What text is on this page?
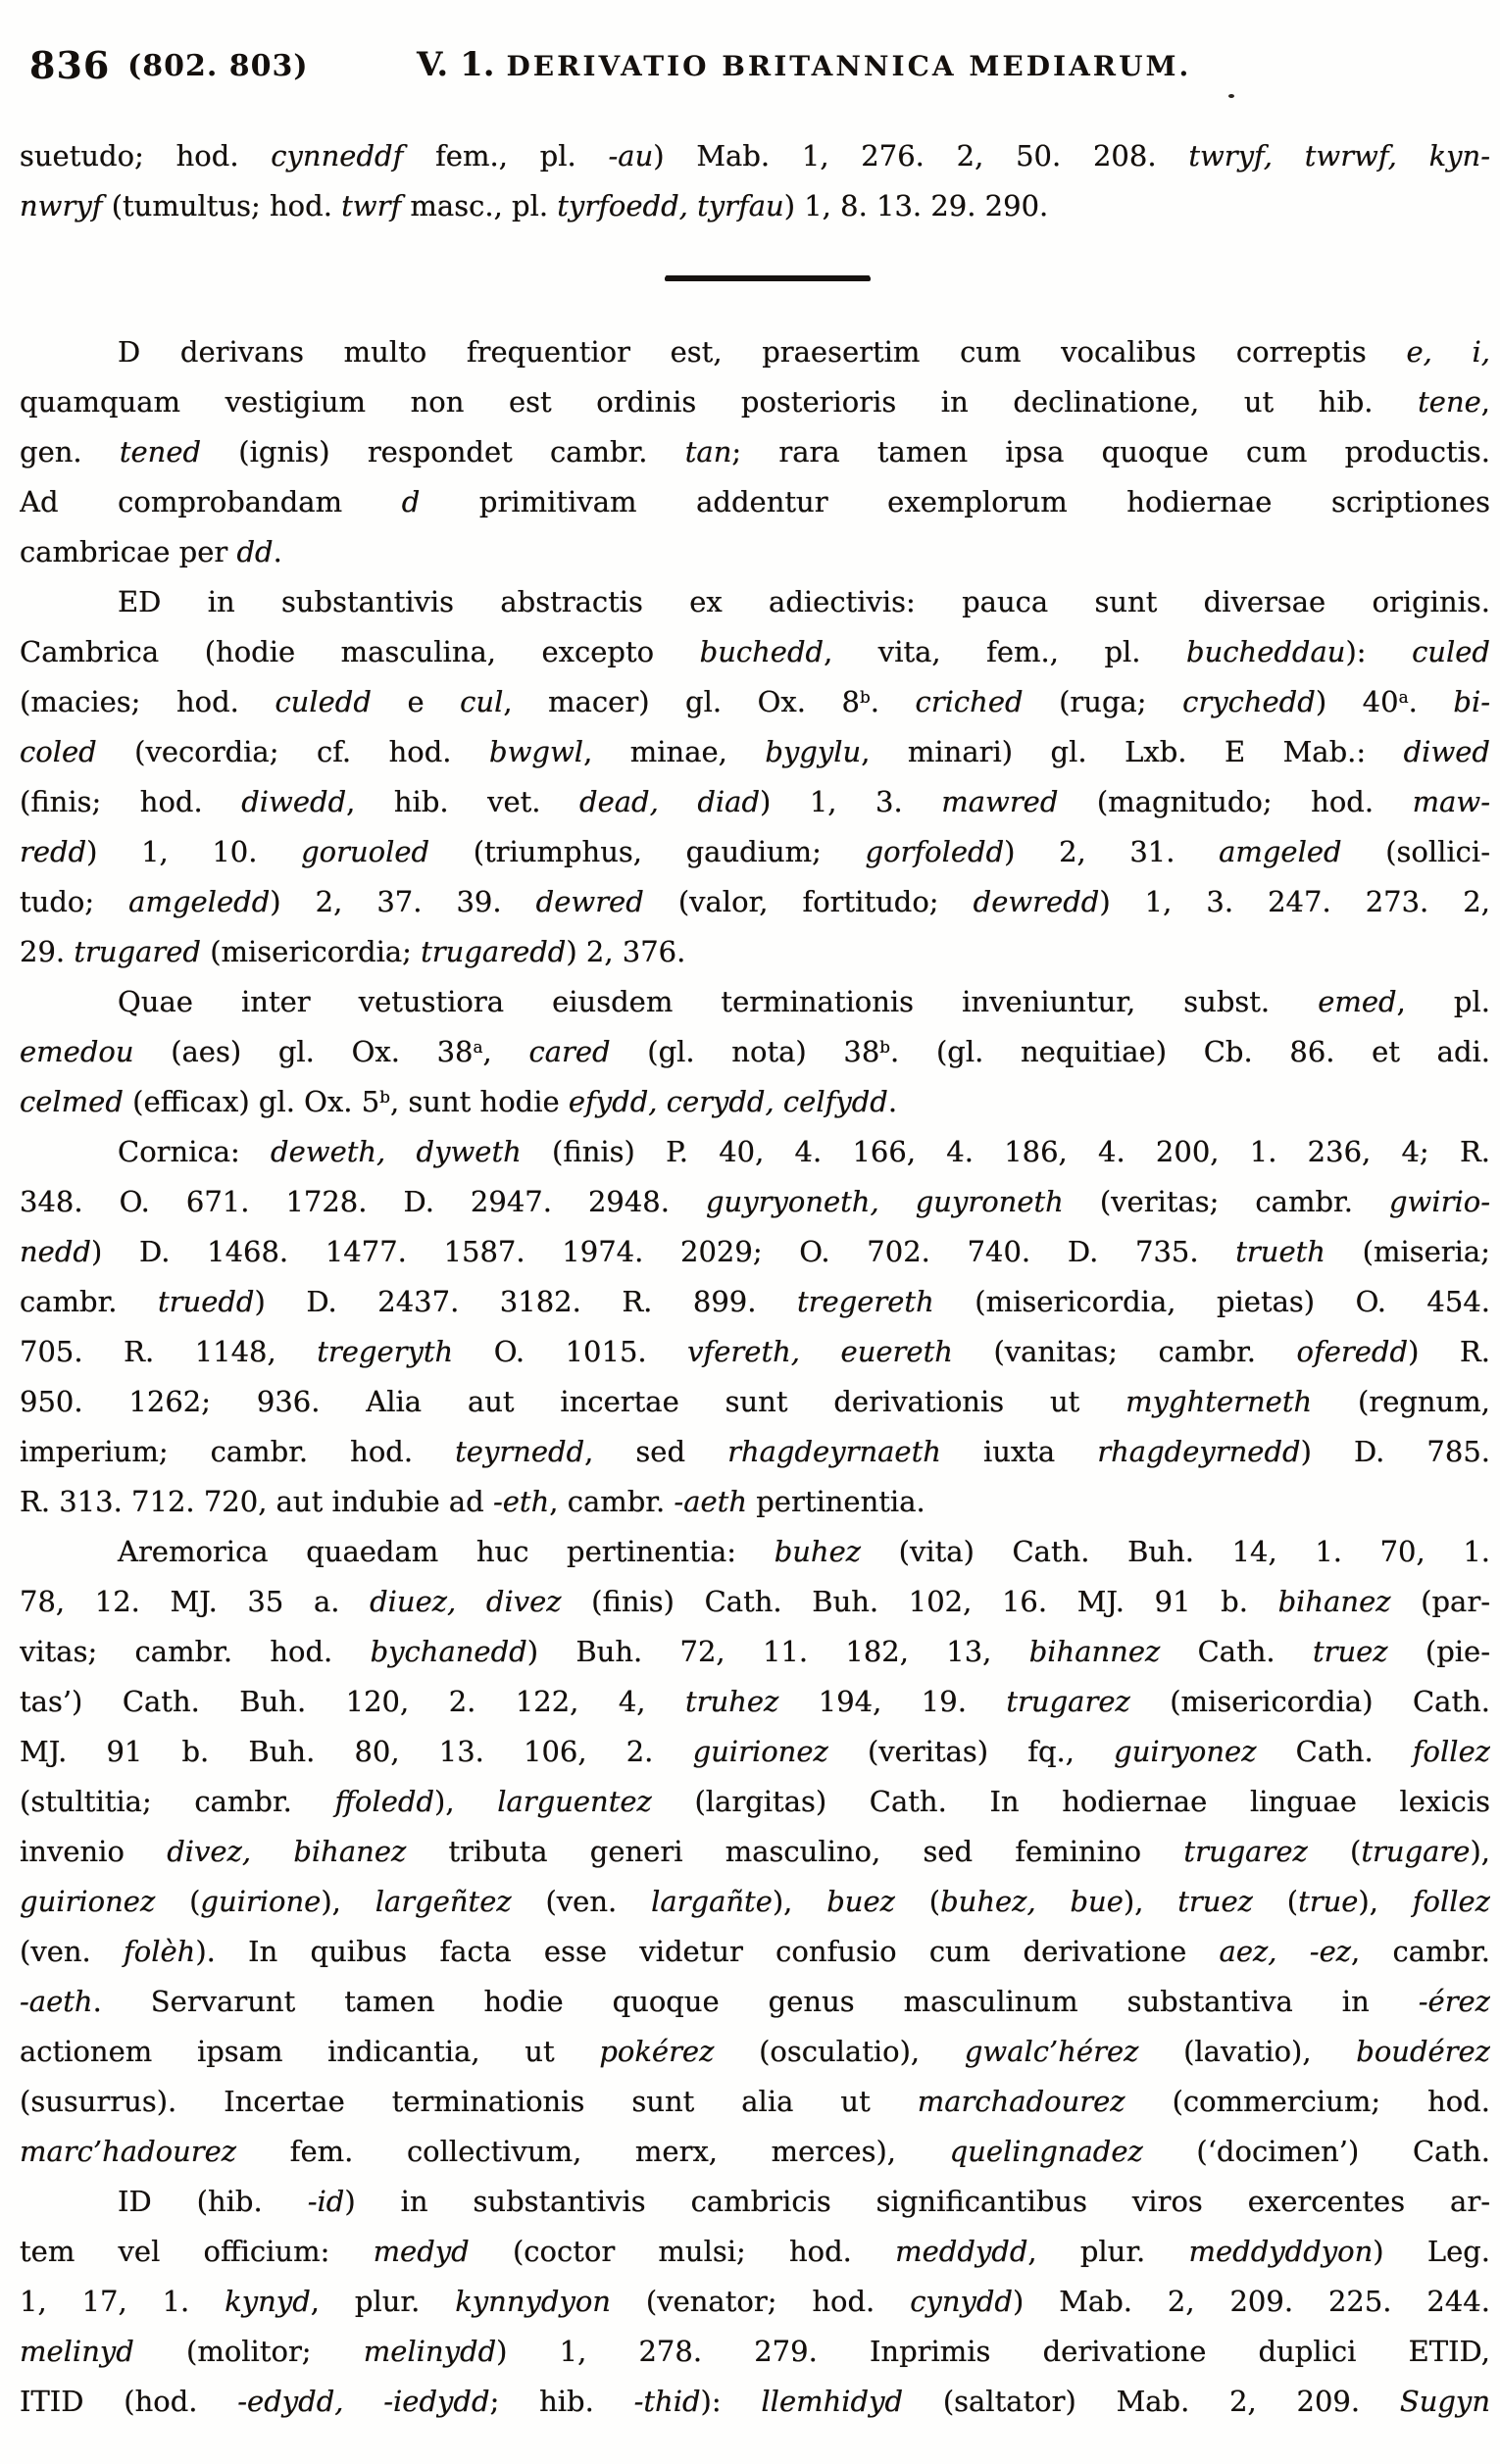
836 (802. 803)	V. 1. DERIVATIO BRITANNICA MEDIARUM.
suetudo; hod. cynneddf fem., pl. -au) Mab. 1, 276. 2, 50. 208. twryf, twrwf, kyn-
nwryf (tumultus; hod. twrf masc., pl. tyrfoedd, tyrfau) 1, 8. 13. 29. 290.
D derivans multo frequentior est, praesertim cum vocalibus correptis e, i,
quamquam vestigium non est ordinis posterioris in declinatione, ut hib. tene,
gen. tened (ignis) respondet cambr. tan; rara tamen ipsa quoque cum productis.
Ad comprobandam d primitivam addentur exemplorum hodiernae scriptiones
cambricae per dd.
ED in substantivis abstractis ex adiectivis: pauca sunt diversae originis.
Cambrica (hodie masculina, excepto buchedd, vita, fem., pl. bucheddau): culed
(macies; hod. culedd e cul, macer) gl. Ox. 8$^b$. criched (ruga; crychedd) 40$^a$. bi-
coled (vecordia; cf. hod. bwgwl, minae, bygylu, minari) gl. Lxb. E Mab.: diwed
(finis; hod. diwedd, hib. vet. dead, diad) 1, 3. mawred (magnitudo; hod. maw-
redd) 1, 10. goruoled (triumphus, gaudium; gorfoledd) 2, 31. amgeled (sollici-
tudo; amgeledd) 2, 37. 39. dewred (valor, fortitudo; dewredd) 1, 3. 247. 273. 2,
29. trugared (misericordia; trugaredd) 2, 376.
Quae inter vetustiora eiusdem terminationis inveniuntur, subst. emed, pl.
emedou (aes) gl. Ox. 38$^a$, cared (gl. nota) 38$^b$. (gl. nequitiae) Cb. 86. et adi.
celmed (efficax) gl. Ox. 5$^b$, sunt hodie efydd, cerydd, celfydd.
Cornica: deweth, dyweth (finis) P. 40, 4. 166, 4. 186, 4. 200, 1. 236, 4; R.
348. O. 671. 1728. D. 2947. 2948. guyryoneth, guyroneth (veritas; cambr. gwirio-
nedd) D. 1468. 1477. 1587. 1974. 2029; O. 702. 740. D. 735. trueth (miseria;
cambr. truedd) D. 2437. 3182. R. 899. tregereth (misericordia, pietas) O. 454.
705. R. 1148, tregeryth O. 1015. vfereth, euereth (vanitas; cambr. oferedd) R.
950. 1262; 936. Alia aut incertae sunt derivationis ut myghterneth (regnum,
imperium; cambr. hod. teyrnedd, sed rhagdeyrnaeth iuxta rhagdeyrnedd) D. 785.
R. 313. 712. 720, aut indubie ad -eth, cambr. -aeth pertinentia.
Aremorica quaedam huc pertinentia: buhez (vita) Cath. Buh. 14, 1. 70, 1.
78, 12. MJ. 35 a. diuez, divez (finis) Cath. Buh. 102, 16. MJ. 91 b. bihanez (par-
vitas; cambr. hod. bychanedd) Buh. 72, 11. 182, 13, bihannez Cath. truez (pie-
tas’) Cath. Buh. 120, 2. 122, 4, truhez 194, 19. trugarez (misericordia) Cath.
MJ. 91 b. Buh. 80, 13. 106, 2. guirionez (veritas) fq., guiryonez Cath. follez
(stultitia; cambr. ffoledd), larguentez (largitas) Cath. In hodiernae linguae lexicis
invenio divez, bihanez tributa generi masculino, sed feminino trugarez (trugare),
guirionez (guirione), largeñtez (ven. largañte), buez (buhez, bue), truez (true), follez
(ven. folèh). In quibus facta esse videtur confusio cum derivatione aez, -ez, cambr.
-aeth. Servarunt tamen hodie quoque genus masculinum substantiva in -érez
actionem ipsam indicantia, ut pokérez (osculatio), gwalc’hérez (lavatio), boudérez
(susurrus). Incertae terminationis sunt alia ut marchadourez (commercium; hod.
marc’hadourez fem. collectivum, merx, merces), quelingnadez (‘docimen’) Cath.
ID (hib. -id) in substantivis cambricis significantibus viros exercentes ar-
tem vel officium: medyd (coctor mulsi; hod. meddydd, plur. meddyddyon) Leg.
1, 17, 1. kynyd, plur. kynnydyon (venator; hod. cynydd) Mab. 2, 209. 225. 244.
melinyd (molitor; melinydd) 1, 278. 279. Inprimis derivatione duplici ETID,
ITID (hod. -edydd, -iedydd; hib. -thid): llemhidyd (saltator) Mab. 2, 209. Sugyn
